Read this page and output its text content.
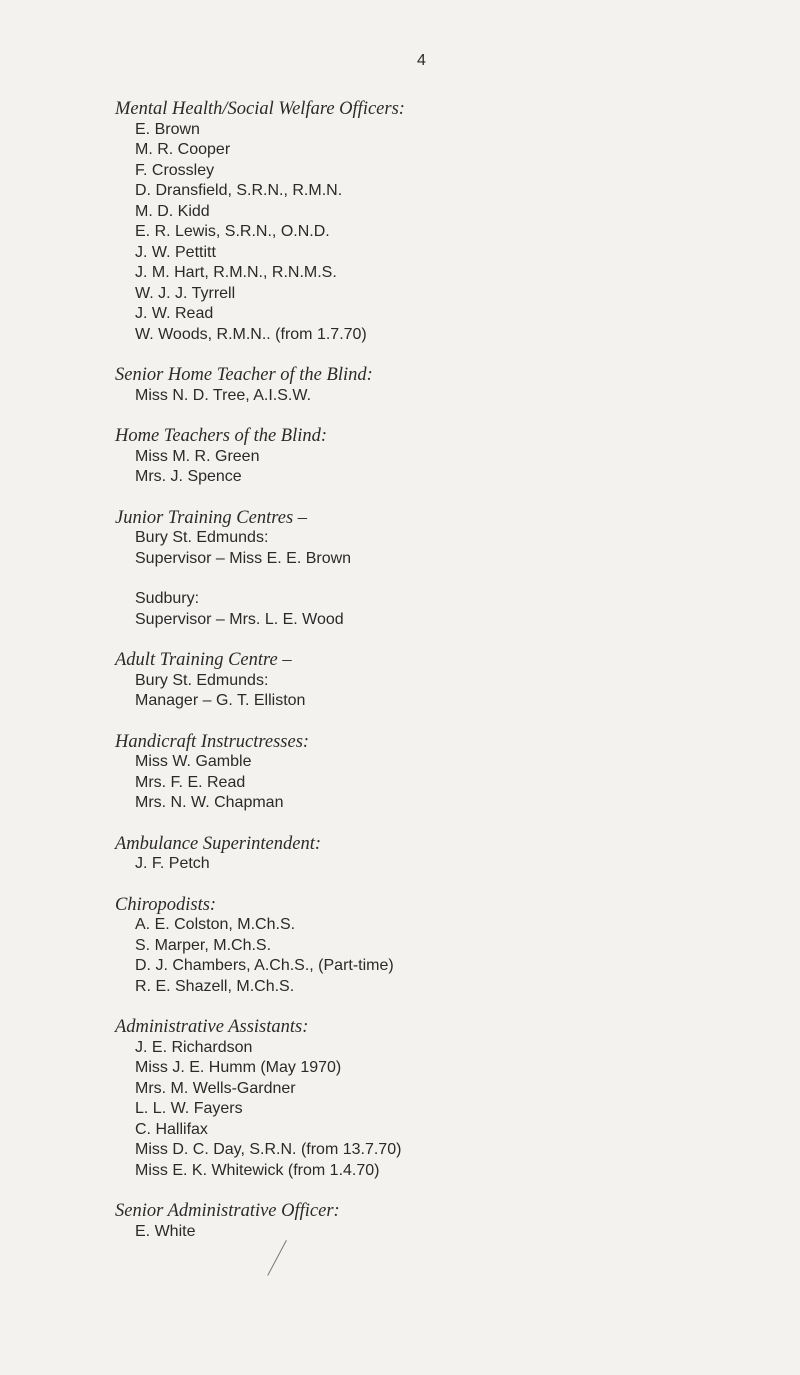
4
Mental Health/Social Welfare Officers:
E. Brown
M. R. Cooper
F. Crossley
D. Dransfield, S.R.N., R.M.N.
M. D. Kidd
E. R. Lewis, S.R.N., O.N.D.
J. W. Pettitt
J. M. Hart, R.M.N., R.N.M.S.
W. J. J. Tyrrell
J. W. Read
W. Woods, R.M.N.. (from 1.7.70)
Senior Home Teacher of the Blind:
Miss N. D. Tree, A.I.S.W.
Home Teachers of the Blind:
Miss M. R. Green
Mrs. J. Spence
Junior Training Centres –
Bury St. Edmunds:
Supervisor – Miss E. E. Brown
Sudbury:
Supervisor – Mrs. L. E. Wood
Adult Training Centre –
Bury St. Edmunds:
Manager – G. T. Elliston
Handicraft Instructresses:
Miss W. Gamble
Mrs. F. E. Read
Mrs. N. W. Chapman
Ambulance Superintendent:
J. F. Petch
Chiropodists:
A. E. Colston, M.Ch.S.
S. Marper, M.Ch.S.
D. J. Chambers, A.Ch.S., (Part-time)
R. E. Shazell, M.Ch.S.
Administrative Assistants:
J. E. Richardson
Miss J. E. Humm (May 1970)
Mrs. M. Wells-Gardner
L. L. W. Fayers
C. Hallifax
Miss D. C. Day, S.R.N. (from 13.7.70)
Miss E. K. Whitewick (from 1.4.70)
Senior Administrative Officer:
E. White
